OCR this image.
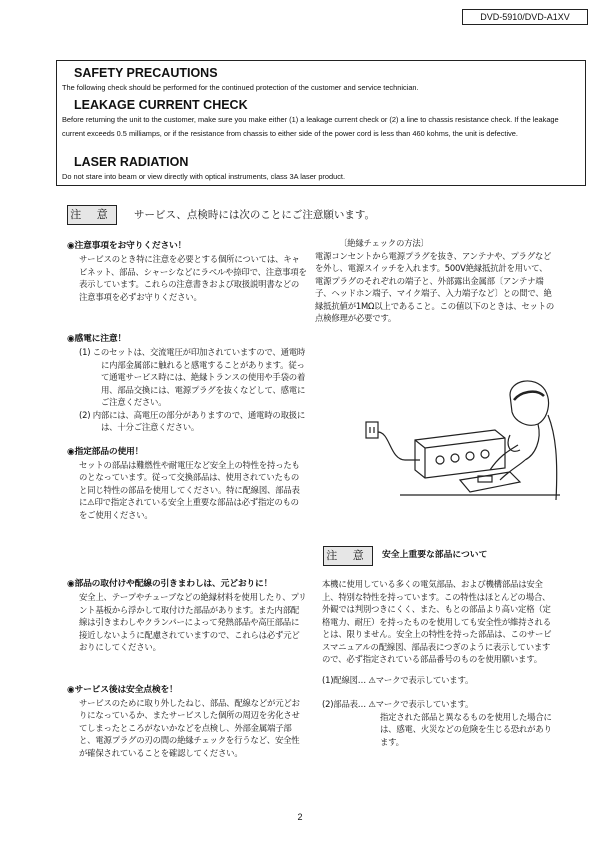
DVD-5910/DVD-A1XV
SAFETY PRECAUTIONS
The following check should be performed for the continued protection of the customer and service technician.
LEAKAGE CURRENT CHECK
Before returning the unit to the customer, make sure you make either (1) a leakage current check or (2) a line to chassis resistance check. If the leakage current exceeds 0.5 milliamps, or if the resistance from chassis to either side of the power cord is less than 460 kohms, the unit is defective.
LASER RADIATION
Do not stare into beam or view directly with optical instruments, class 3A laser product.
注 意	サービス、点検時には次のことにご注意願います。
◉注意事項をお守りください！
サービスのとき特に注意を必要とする個所については、キャビネット、部品、シャーシなどにラベルや捺印で、注意事項を表示しています。これらの注意書きおよび取扱説明書などの注意事項を必ずお守りください。
◉感電に注意！

(1) このセットは、交流電圧が印加されていますので、通電時に内部金属部に触れると感電することがあります。従って通電サービス時には、絶縁トランスの使用や手袋の着用、部品交換には、電源プラグを抜くなどして、感電にご注意ください。

(2) 内部には、高電圧の部分がありますので、通電時の取扱には、十分ご注意ください。

◉指定部品の使用！
セットの部品は難燃性や耐電圧など安全上の特性を持ったものとなっています。従って交換部品は、使用されていたものと同じ特性の部品を使用してください。特に配線図、部品表に⚠印で指定されている安全上重要な部品は必ず指定のものをご使用ください。
◉部品の取付けや配線の引きまわしは、元どおりに！
安全上、テープやチューブなどの絶縁材料を使用したり、プリント基板から浮かして取付けた部品があります。また内部配線は引きまわしやクランパーによって発熱部品や高圧部品に接近しないように配慮されていますので、これらは必ず元どおりにしてください。
◉サービス後は安全点検を！
サービスのために取り外したねじ、部品、配線などが元どおりになっているか、またサービスした個所の周辺を劣化させてしまったところがないかなどを点検し、外部金属端子部と、電源プラグの刃の間の絶縁チェックを行うなど、安全性が確保されていることを確認してください。
〔絶縁チェックの方法〕
電源コンセントから電源プラグを抜き、アンテナや、プラグなどを外し、電源スイッチを入れます。500V絶縁抵抗計を用いて、電源プラグのそれぞれの端子と、外部露出金属部〔アンテナ端子、ヘッドホン端子、マイク端子、入力端子など〕との間で、絶縁抵抗値が1MΩ以上であること。この値以下のときは、セットの点検修理が必要です。
注 意	安全上重要な部品について
本機に使用している多くの電気部品、および機構部品は安全上、特別な特性を持っています。この特性はほとんどの場合、外観では判別つきにくく、また、もとの部品より高い定格（定格電力、耐圧）を持ったものを使用しても安全性が維持されるとは、限りません。安全上の特性を持った部品は、このサービスマニュアルの配線図、部品表につぎのように表示していますので、必ず指定されている部品番号のものを使用願います。
(1)配線図… ⚠マークで表示しています。
(2)部品表… ⚠マークで表示しています。
指定された部品と異なるものを使用した場合には、感電、火災などの危険を生じる恐れがあります。
2
